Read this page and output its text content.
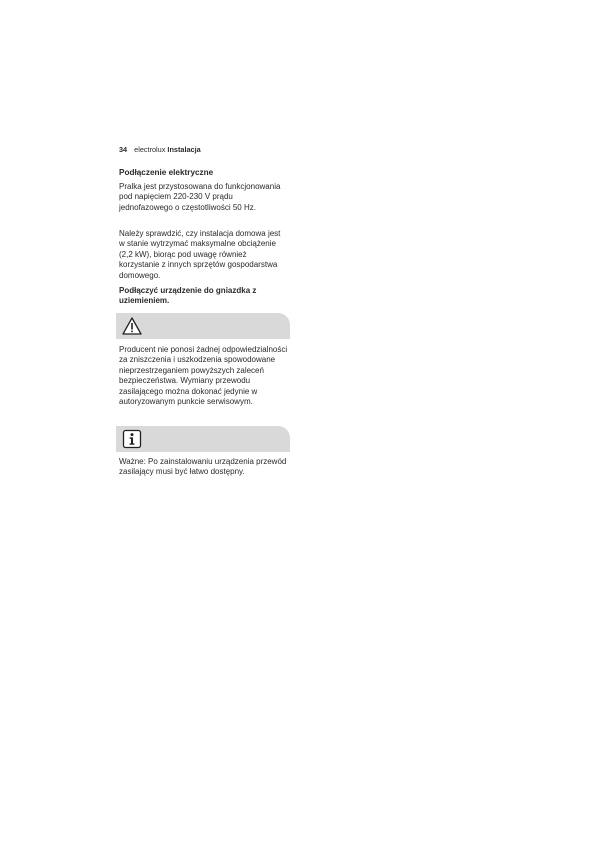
34 electrolux Instalacja
Podłączenie elektryczne

Pralka jest przystosowana do funkcjonowania pod napięciem 220-230 V prądu jednofazowego o częstotliwości 50 Hz.

Należy sprawdzić, czy instalacja domowa jest w stanie wytrzymać maksymalne obciążenie (2,2 kW), biorąc pod uwagę również korzystanie z innych sprzętów gospodarstwa domowego.

Podłączyć urządzenie do gniazdka z uziemieniem.

Producent nie ponosi żadnej odpowiedzialności za zniszczenia i uszkodzenia spowodowane nieprzestrzeganiem powyższych zaleceń bezpieczeństwa. Wymiany przewodu zasilającego można dokonać jedynie w autoryzowanym punkcie serwisowym.

Ważne: Po zainstalowaniu urządzenia przewód zasilający musi być łatwo dostępny.
